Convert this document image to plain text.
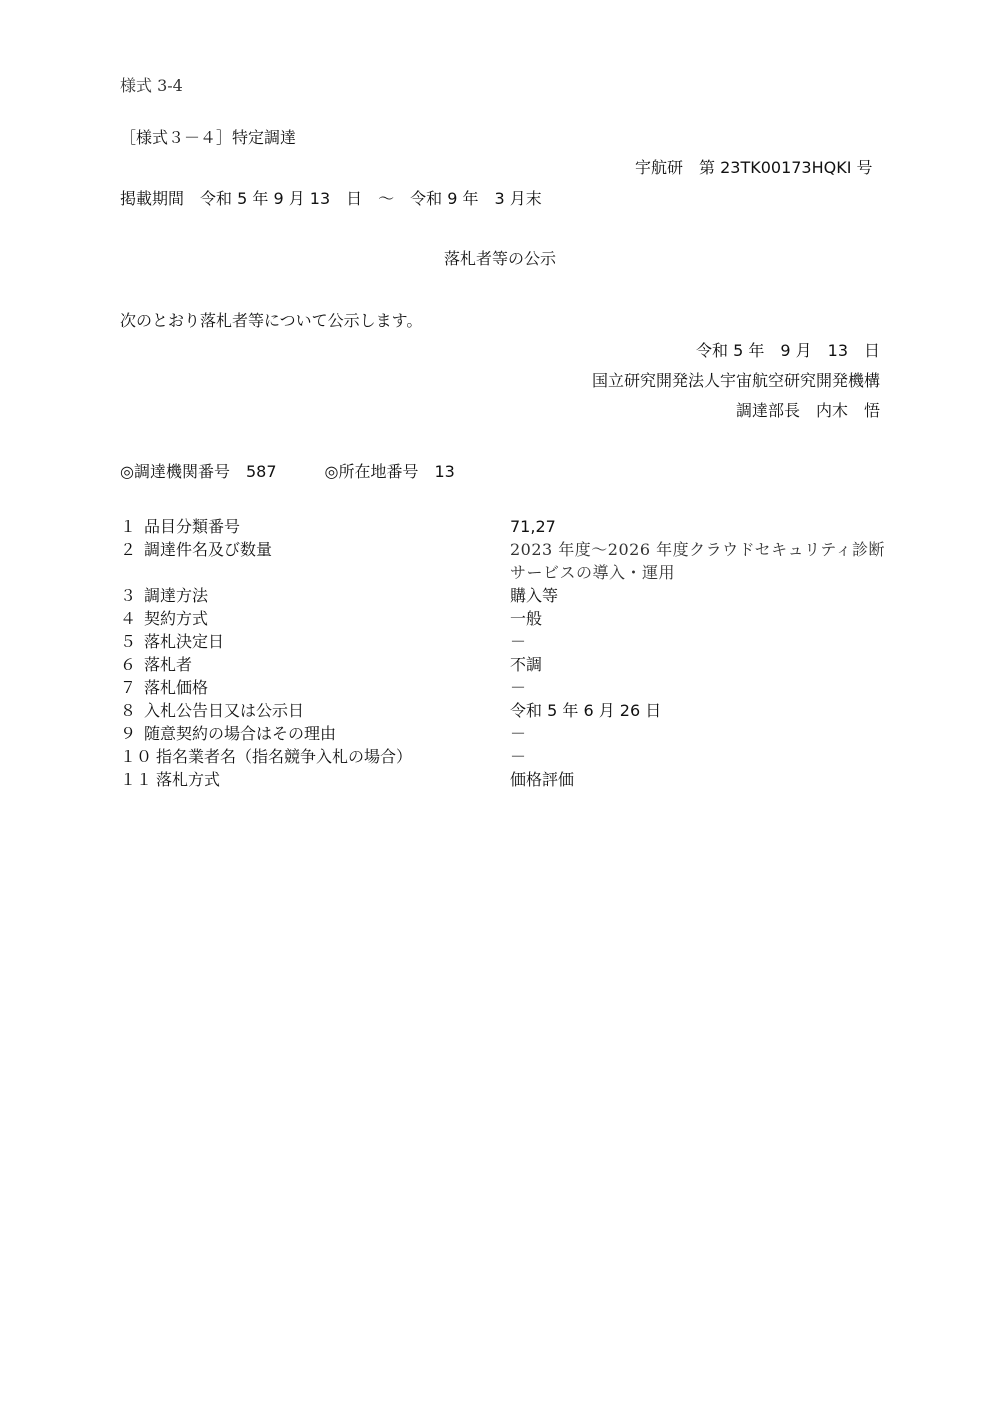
様式 3-4
［様式３－４］特定調達
宇航研　第 23TK00173HQKI 号
掲載期間　令和 5 年 9 月 13　日　～　令和 9 年　3 月末
落札者等の公示
次のとおり落札者等について公示します。
令和 5 年　9 月　13　日
国立研究開発法人宇宙航空研究開発機構
調達部長　内木　悟
◎調達機関番号　587　　　◎所在地番号　13
１ 品目分類番号	71,27
２ 調達件名及び数量	2023 年度～2026 年度クラウドセキュリティ診断サービスの導入・運用
３ 調達方法	購入等
４ 契約方式	一般
５ 落札決定日	－
６ 落札者	不調
７ 落札価格	－
８ 入札公告日又は公示日	令和 5 年 6 月 26 日
９ 随意契約の場合はその理由	－
１０ 指名業者名（指名競争入札の場合）	－
１１ 落札方式	価格評価
